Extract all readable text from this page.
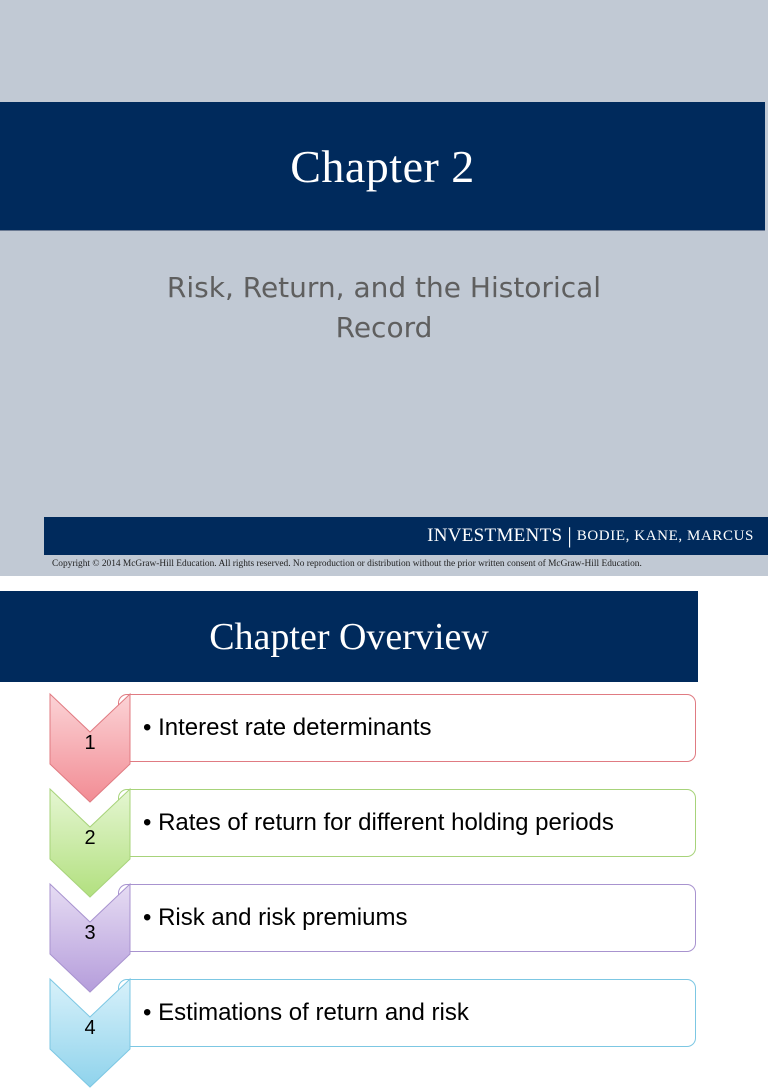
Chapter 2
Risk, Return, and the Historical
Record
INVESTMENTS | BODIE, KANE, MARCUS
Copyright © 2014 McGraw-Hill Education. All rights reserved. No reproduction or distribution without the prior written consent of McGraw-Hill Education.
Chapter Overview
• Interest rate determinants
1
• Rates of return for different holding periods
2
• Risk and risk premiums
3
• Estimations of return and risk
4
